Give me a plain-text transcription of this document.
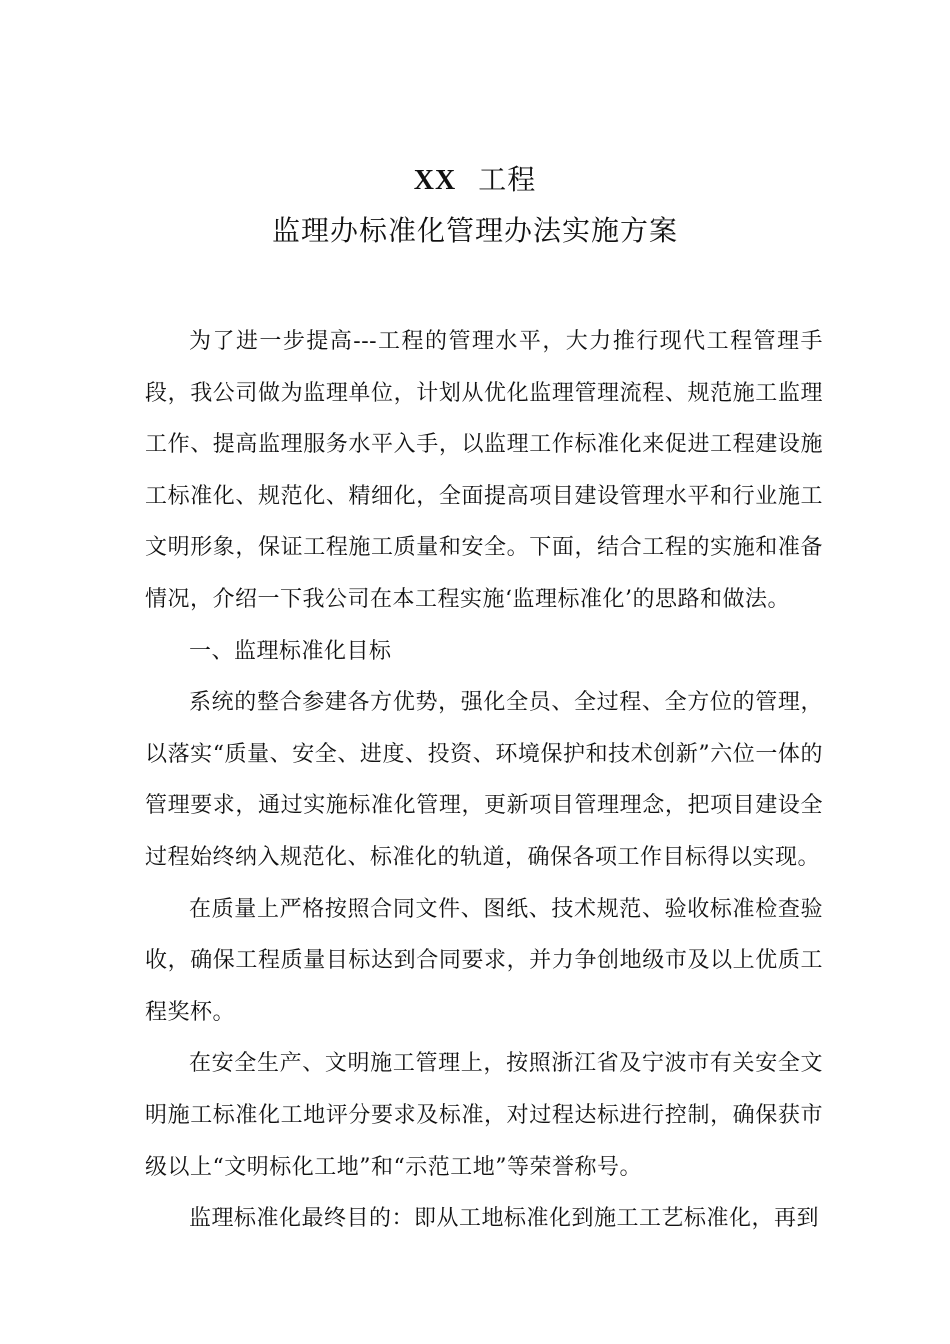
XX 工程
监理办标准化管理办法实施方案

为了进一步提高---工程的管理水平，大力推行现代工程管理手段，我公司做为监理单位，计划从优化监理管理流程、规范施工监理工作、提高监理服务水平入手，以监理工作标准化来促进工程建设施工标准化、规范化、精细化，全面提高项目建设管理水平和行业施工文明形象，保证工程施工质量和安全。下面，结合工程的实施和准备情况，介绍一下我公司在本工程实施‘监理标准化’的思路和做法。

一、监理标准化目标

系统的整合参建各方优势，强化全员、全过程、全方位的管理，以落实“质量、安全、进度、投资、环境保护和技术创新”六位一体的管理要求，通过实施标准化管理，更新项目管理理念，把项目建设全过程始终纳入规范化、标准化的轨道，确保各项工作目标得以实现。

在质量上严格按照合同文件、图纸、技术规范、验收标准检查验收，确保工程质量目标达到合同要求，并力争创地级市及以上优质工程奖杯。

在安全生产、文明施工管理上，按照浙江省及宁波市有关安全文明施工标准化工地评分要求及标准，对过程达标进行控制，确保获市级以上“文明标化工地”和“示范工地”等荣誉称号。

监理标准化最终目的：即从工地标准化到施工工艺标准化，再到
